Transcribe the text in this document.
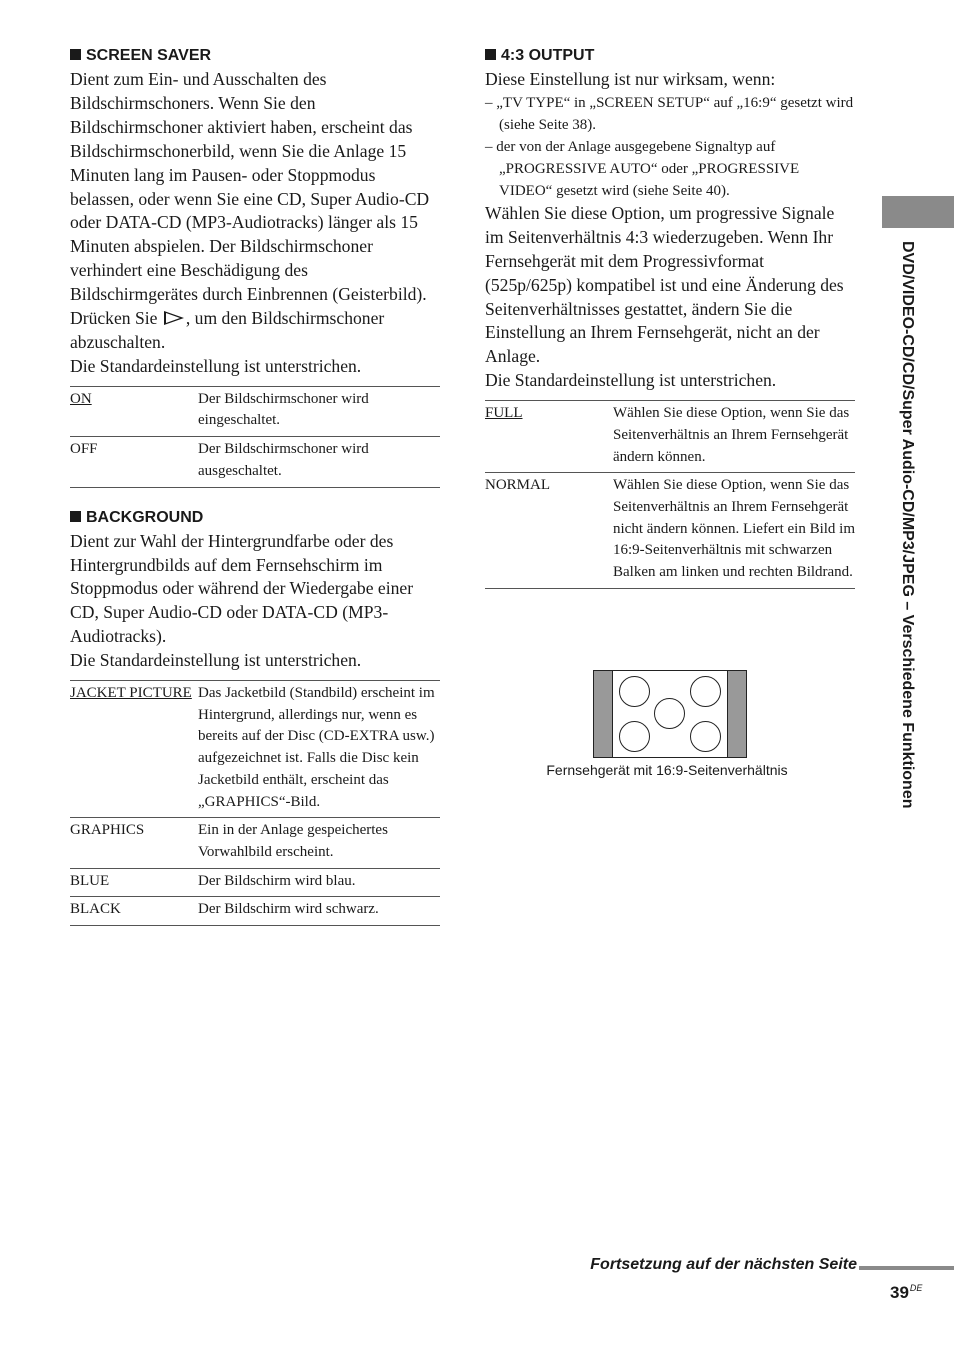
SCREEN SAVER

Dient zum Ein- und Ausschalten des Bildschirmschoners. Wenn Sie den Bildschirmschoner aktiviert haben, erscheint das Bildschirmschonerbild, wenn Sie die Anlage 15 Minuten lang im Pausen- oder Stoppmodus belassen, oder wenn Sie eine CD, Super Audio-CD oder DATA-CD (MP3-Audiotracks) länger als 15 Minuten abspielen. Der Bildschirmschoner verhindert eine Beschädigung des Bildschirmgerätes durch Einbrennen (Geisterbild). Drücken Sie , um den Bildschirmschoner abzuschalten.

Die Standardeinstellung ist unterstrichen.

ON	Der Bildschirmschoner wird eingeschaltet.
OFF	Der Bildschirmschoner wird ausgeschaltet.
BACKGROUND

Dient zur Wahl der Hintergrundfarbe oder des Hintergrundbilds auf dem Fernsehschirm im Stoppmodus oder während der Wiedergabe einer CD, Super Audio-CD oder DATA-CD (MP3-Audiotracks).

Die Standardeinstellung ist unterstrichen.

JACKET PICTURE	Das Jacketbild (Standbild) erscheint im Hintergrund, allerdings nur, wenn es bereits auf der Disc (CD-EXTRA usw.) aufgezeichnet ist. Falls die Disc kein Jacketbild enthält, erscheint das „GRAPHICS“-Bild.
GRAPHICS	Ein in der Anlage gespeichertes Vorwahlbild erscheint.
BLUE	Der Bildschirm wird blau.
BLACK	Der Bildschirm wird schwarz.
4:3 OUTPUT

Diese Einstellung ist nur wirksam, wenn:

– „TV TYPE“ in „SCREEN SETUP“ auf „16:9“ gesetzt wird (siehe Seite 38).

– der von der Anlage ausgegebene Signaltyp auf „PROGRESSIVE AUTO“ oder „PROGRESSIVE VIDEO“ gesetzt wird (siehe Seite 40).

Wählen Sie diese Option, um progressive Signale im Seitenverhältnis 4:3 wiederzugeben. Wenn Ihr Fernsehgerät mit dem Progressivformat (525p/625p) kompatibel ist und eine Änderung des Seitenverhältnisses gestattet, ändern Sie die Einstellung an Ihrem Fernsehgerät, nicht an der Anlage.

Die Standardeinstellung ist unterstrichen.

FULL	Wählen Sie diese Option, wenn Sie das Seitenverhältnis an Ihrem Fernsehgerät ändern können.
NORMAL	Wählen Sie diese Option, wenn Sie das Seitenverhältnis an Ihrem Fernsehgerät nicht ändern können. Liefert ein Bild im 16:9-Seitenverhältnis mit schwarzen Balken am linken und rechten Bildrand.
Fernsehgerät mit 16:9-Seitenverhältnis	DVD/VIDEO-CD/CD/Super Audio-CD/MP3/JPEG – Verschiedene Funktionen
Fortsetzung auf der nächsten Seite
39DE
